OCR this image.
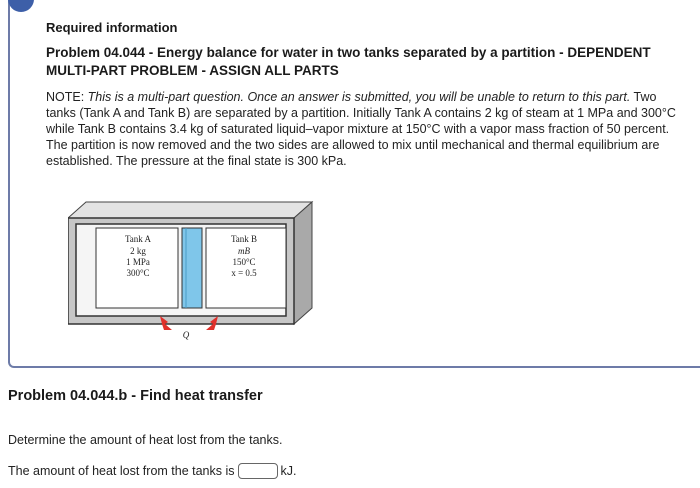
Required information
Problem 04.044 - Energy balance for water in two tanks separated by a partition - DEPENDENT MULTI-PART PROBLEM - ASSIGN ALL PARTS
NOTE: This is a multi-part question. Once an answer is submitted, you will be unable to return to this part. Two tanks (Tank A and Tank B) are separated by a partition. Initially Tank A contains 2 kg of steam at 1 MPa and 300°C while Tank B contains 3.4 kg of saturated liquid–vapor mixture at 150°C with a vapor mass fraction of 50 percent. The partition is now removed and the two sides are allowed to mix until mechanical and thermal equilibrium are established. The pressure at the final state is 300 kPa.
Tank A
2 kg
1 MPa
300°C
Tank B
mB
150°C
x = 0.5
Q
Problem 04.044.b - Find heat transfer
Determine the amount of heat lost from the tanks.
The amount of heat lost from the tanks is	kJ.
